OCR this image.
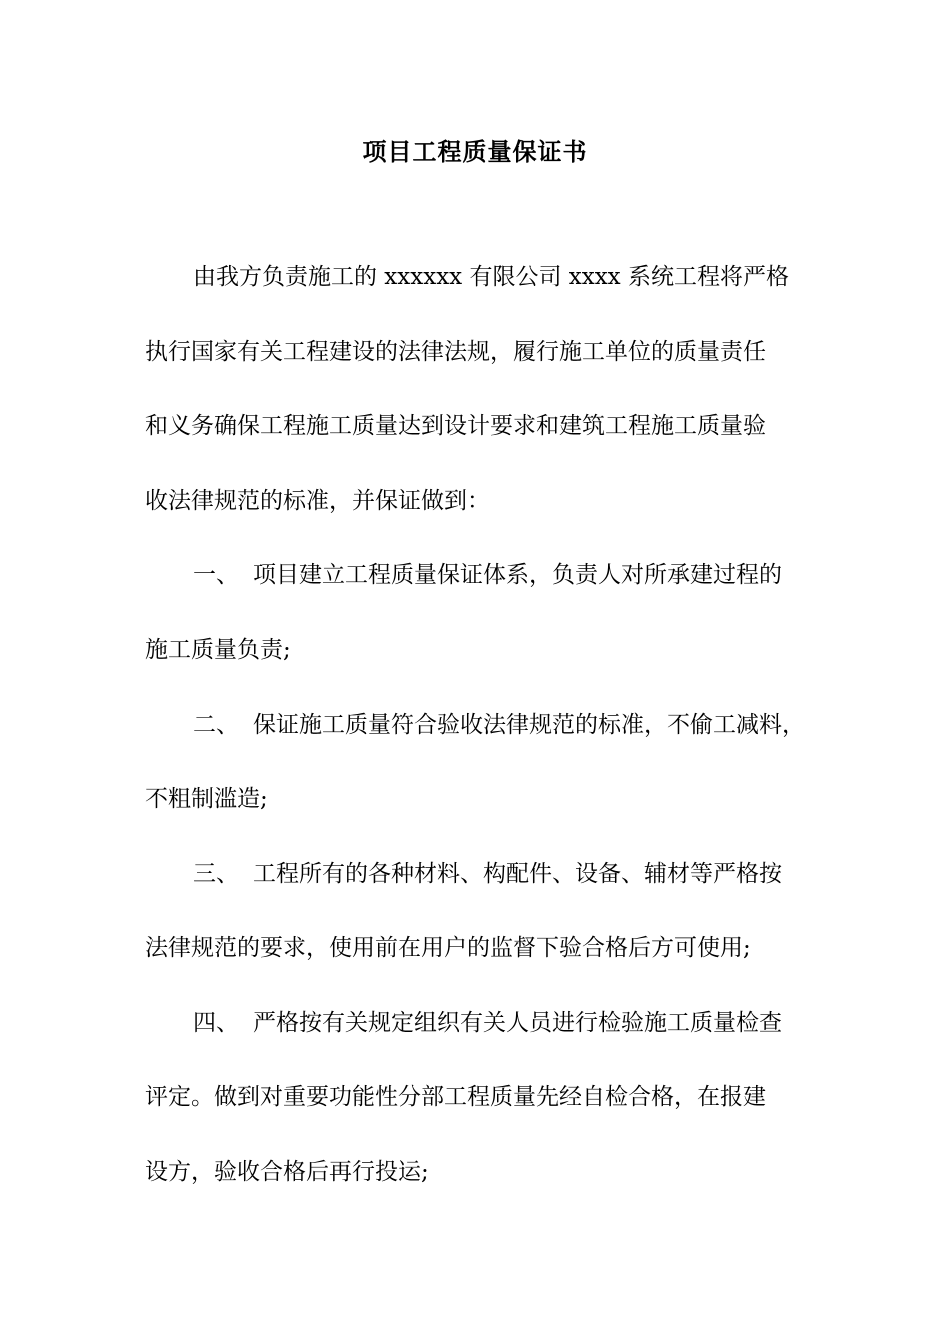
项目工程质量保证书
由我方负责施工的 xxxxxx 有限公司 xxxx 系统工程将严格
执行国家有关工程建设的法律法规，履行施工单位的质量责任
和义务确保工程施工质量达到设计要求和建筑工程施工质量验
收法律规范的标准，并保证做到：
一、 项目建立工程质量保证体系，负责人对所承建过程的
施工质量负责;
二、 保证施工质量符合验收法律规范的标准，不偷工减料，
不粗制滥造;
三、 工程所有的各种材料、构配件、设备、辅材等严格按
法律规范的要求，使用前在用户的监督下验合格后方可使用;
四、 严格按有关规定组织有关人员进行检验施工质量检查
评定。做到对重要功能性分部工程质量先经自检合格，在报建
设方，验收合格后再行投运;
